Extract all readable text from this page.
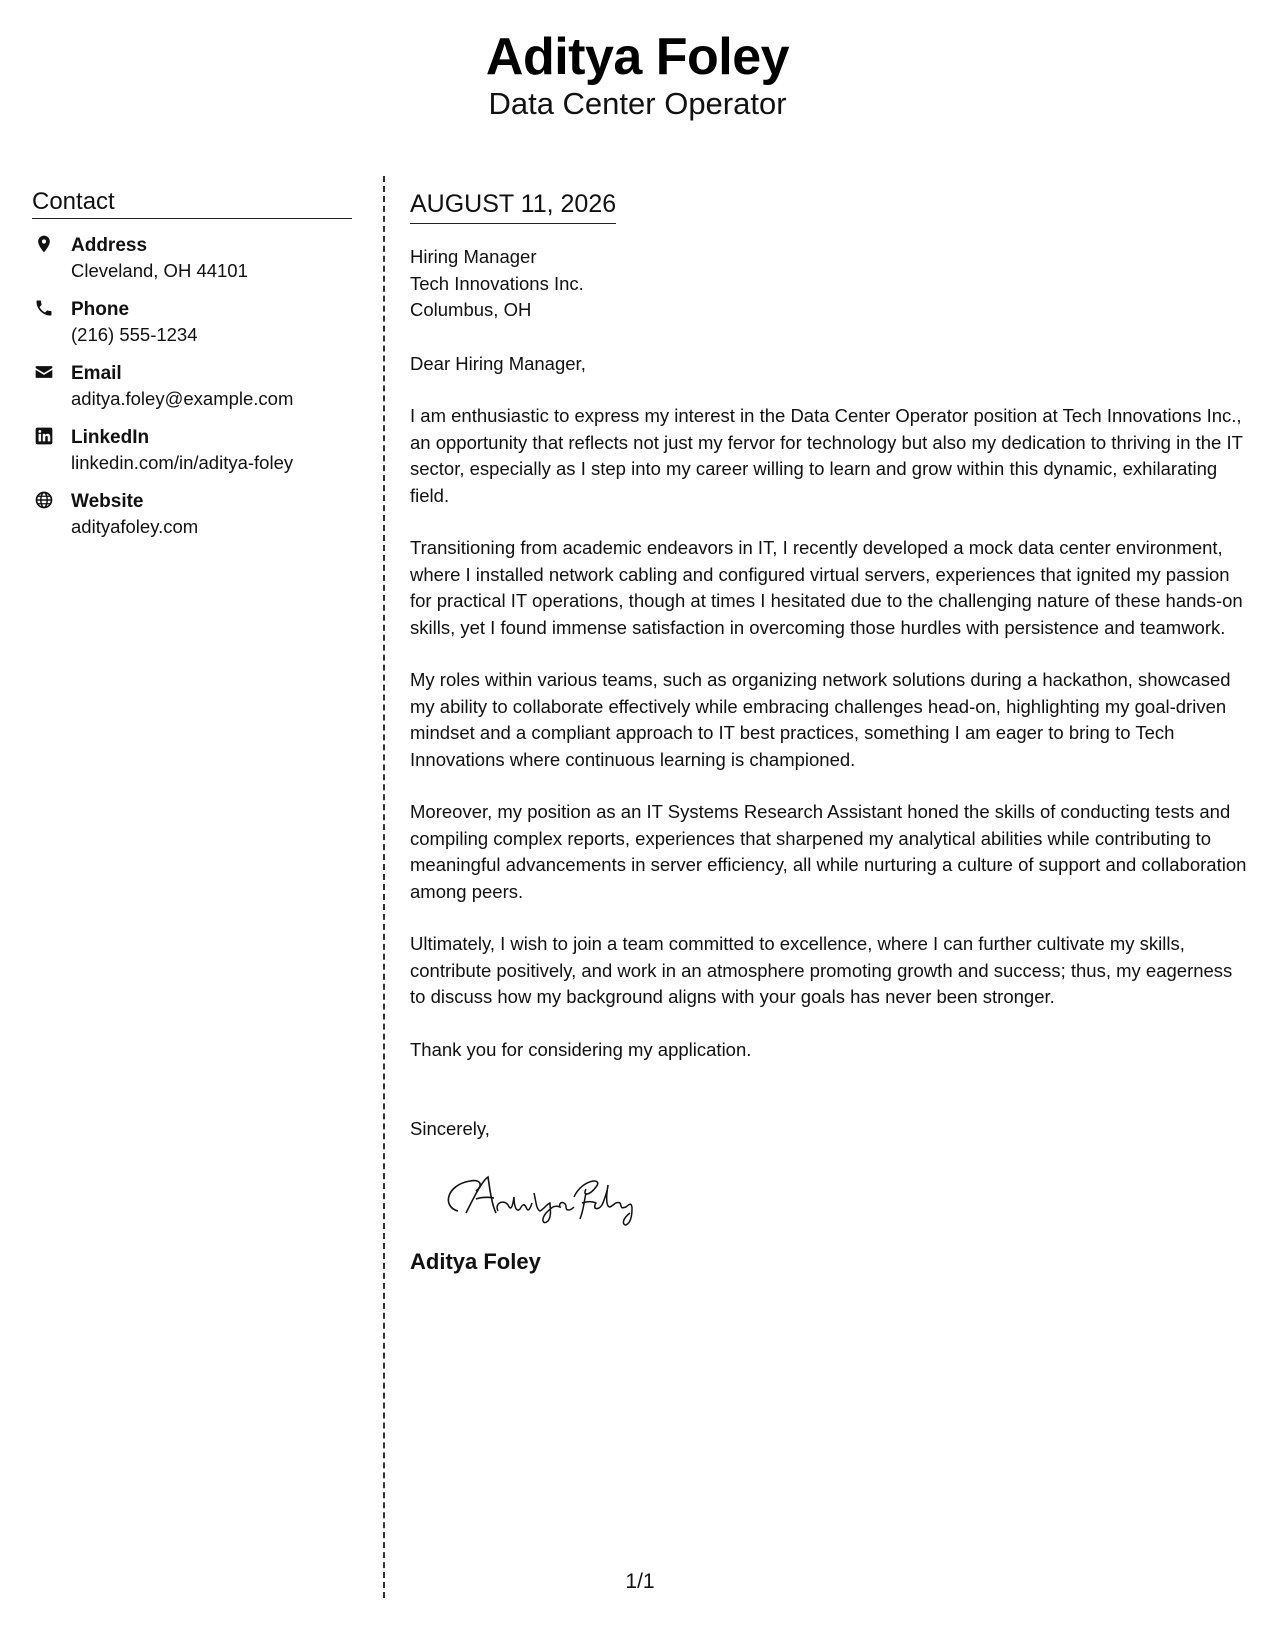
Aditya Foley
Data Center Operator
Contact
Address
Cleveland, OH 44101
Phone
(216) 555-1234
Email
aditya.foley@example.com
LinkedIn
linkedin.com/in/aditya-foley
Website
adityafoley.com
AUGUST 11, 2026
Hiring Manager
Tech Innovations Inc.
Columbus, OH
Dear Hiring Manager,
I am enthusiastic to express my interest in the Data Center Operator position at Tech Innovations Inc., an opportunity that reflects not just my fervor for technology but also my dedication to thriving in the IT sector, especially as I step into my career willing to learn and grow within this dynamic, exhilarating field.
Transitioning from academic endeavors in IT, I recently developed a mock data center environment, where I installed network cabling and configured virtual servers, experiences that ignited my passion for practical IT operations, though at times I hesitated due to the challenging nature of these hands-on skills, yet I found immense satisfaction in overcoming those hurdles with persistence and teamwork.
My roles within various teams, such as organizing network solutions during a hackathon, showcased my ability to collaborate effectively while embracing challenges head-on, highlighting my goal-driven mindset and a compliant approach to IT best practices, something I am eager to bring to Tech Innovations where continuous learning is championed.
Moreover, my position as an IT Systems Research Assistant honed the skills of conducting tests and compiling complex reports, experiences that sharpened my analytical abilities while contributing to meaningful advancements in server efficiency, all while nurturing a culture of support and collaboration among peers.
Ultimately, I wish to join a team committed to excellence, where I can further cultivate my skills, contribute positively, and work in an atmosphere promoting growth and success; thus, my eagerness to discuss how my background aligns with your goals has never been stronger.
Thank you for considering my application.
Sincerely,
Aditya Foley
1/1
